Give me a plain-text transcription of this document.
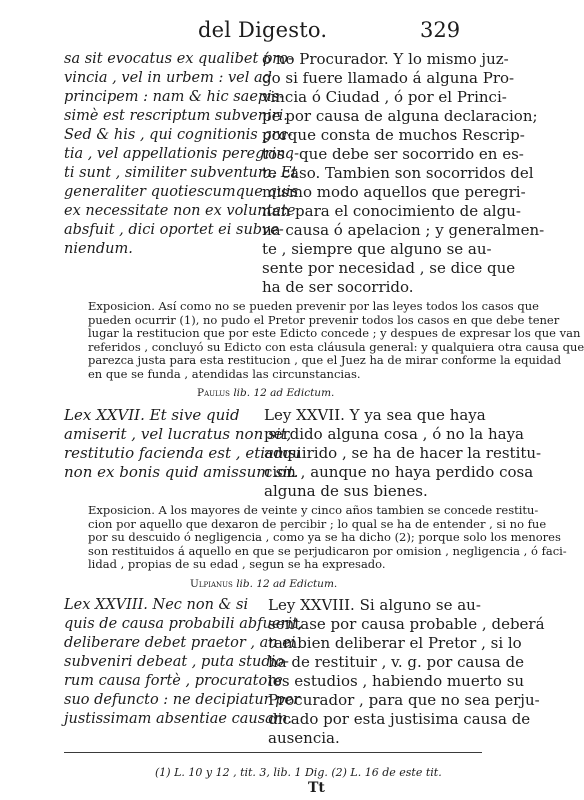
del Digesto.	329
sa sit evocatus ex qualibet pro-
vincia , vel in urbem : vel ad
principem : nam & hic saepis-
simè est rescriptum subveniri.
Sed & his , qui cognitionis gra-
tia , vel appellationis peregrina-
ti sunt , similiter subventum. Et
generaliter quotiescumque quis
ex necessitate non ex voluntate
absfuit , dici oportet ei subve-
niendum.
ó no Procurador. Y lo mismo juz-
go si fuere llamado á alguna Pro-
vincia ó Ciudad , ó por el Princi-
pe por causa de alguna declaracion;
porque consta de muchos Rescrip-
tos , que debe ser socorrido en es-
te caso. Tambien son socorridos del
mismo modo aquellos que peregri-
nan para el conocimiento de algu-
na causa ó apelacion ; y generalmen-
te , siempre que alguno se au-
sente por necesidad , se dice que
ha de ser socorrido.
Exposicion. Así como no se pueden prevenir por las leyes todos los casos que
pueden ocurrir (1), no pudo el Pretor prevenir todos los casos en que debe tener
lugar la restitucion que por este Edicto concede ; y despues de expresar los que van
referidos , concluyó su Edicto con esta cláusula general: y qualquiera otra causa que
parezca justa para esta restitucion , que el Juez ha de mirar conforme la equidad
en que se funda , atendidas las circunstancias.
Paulus lib. 12 ad Edictum.
Lex XXVII. Et sive quid
amiserit , vel lucratus non sit,
restitutio facienda est , etiamsi
non ex bonis quid amissum sit.
Ley XXVII. Y ya sea que haya
perdido alguna cosa , ó no la haya
adquirido , se ha de hacer la restitu-
cion , aunque no haya perdido cosa
alguna de sus bienes.
Exposicion. A los mayores de veinte y cinco años tambien se concede restitu-
cion por aquello que dexaron de percibir ; lo qual se ha de entender , si no fue
por su descuido ó negligencia , como ya se ha dicho (2); porque solo los menores
son restituidos á aquello en que se perjudicaron por omision , negligencia , ó faci-
lidad , propias de su edad , segun se ha expresado.
Ulpianus lib. 12 ad Edictum.
Lex XXVIII. Nec non & si
quis de causa probabili abfuerit,
deliberare debet praetor , an ei
subveniri debeat , puta studio-
rum causa fortè , procuratore
suo defuncto : ne decipiatur per
justissimam absentiae causam.
Ley XXVIII. Si alguno se au-
sentase por causa probable , deberá
tambien deliberar el Pretor , si lo
ha de restituir , v. g. por causa de
los estudios , habiendo muerto su
Procurador , para que no sea perju-
dicado por esta justisima causa de
ausencia.
(1) L. 10 y 12 , tit. 3, lib. 1 Dig. (2) L. 16 de este tit.
Tt
